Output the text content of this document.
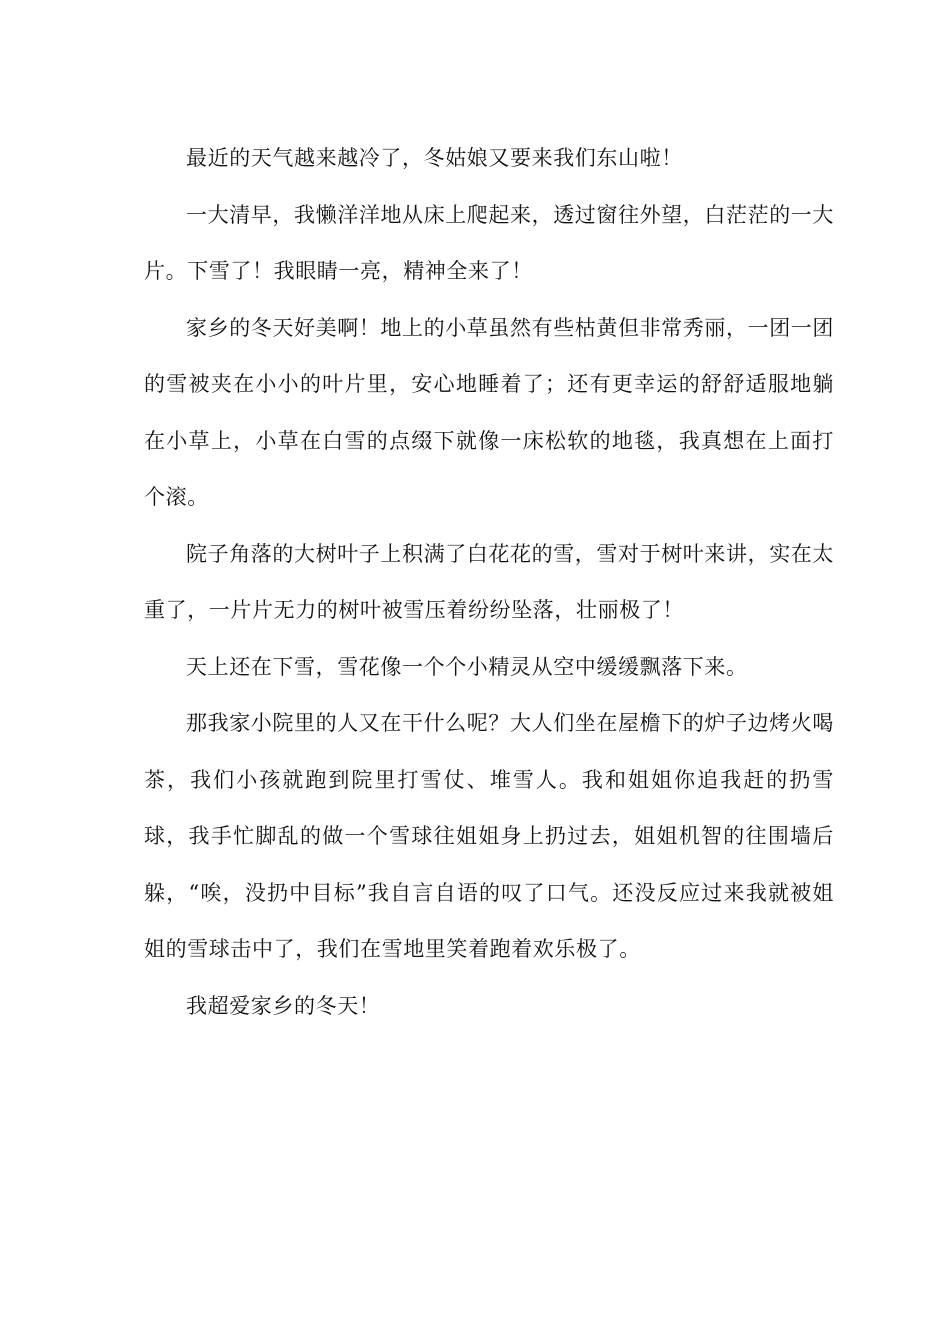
最近的天气越来越冷了，冬姑娘又要来我们东山啦！

一大清早，我懒洋洋地从床上爬起来，透过窗往外望，白茫茫的一大片。下雪了！我眼睛一亮，精神全来了！

家乡的冬天好美啊！地上的小草虽然有些枯黄但非常秀丽，一团一团的雪被夹在小小的叶片里，安心地睡着了；还有更幸运的舒舒适服地躺在小草上，小草在白雪的点缀下就像一床松软的地毯，我真想在上面打个滚。

院子角落的大树叶子上积满了白花花的雪，雪对于树叶来讲，实在太重了，一片片无力的树叶被雪压着纷纷坠落，壮丽极了！

天上还在下雪，雪花像一个个小精灵从空中缓缓飘落下来。

那我家小院里的人又在干什么呢？大人们坐在屋檐下的炉子边烤火喝茶，我们小孩就跑到院里打雪仗、堆雪人。我和姐姐你追我赶的扔雪球，我手忙脚乱的做一个雪球往姐姐身上扔过去，姐姐机智的往围墙后躲，“唉，没扔中目标”我自言自语的叹了口气。还没反应过来我就被姐姐的雪球击中了，我们在雪地里笑着跑着欢乐极了。

我超爱家乡的冬天！
